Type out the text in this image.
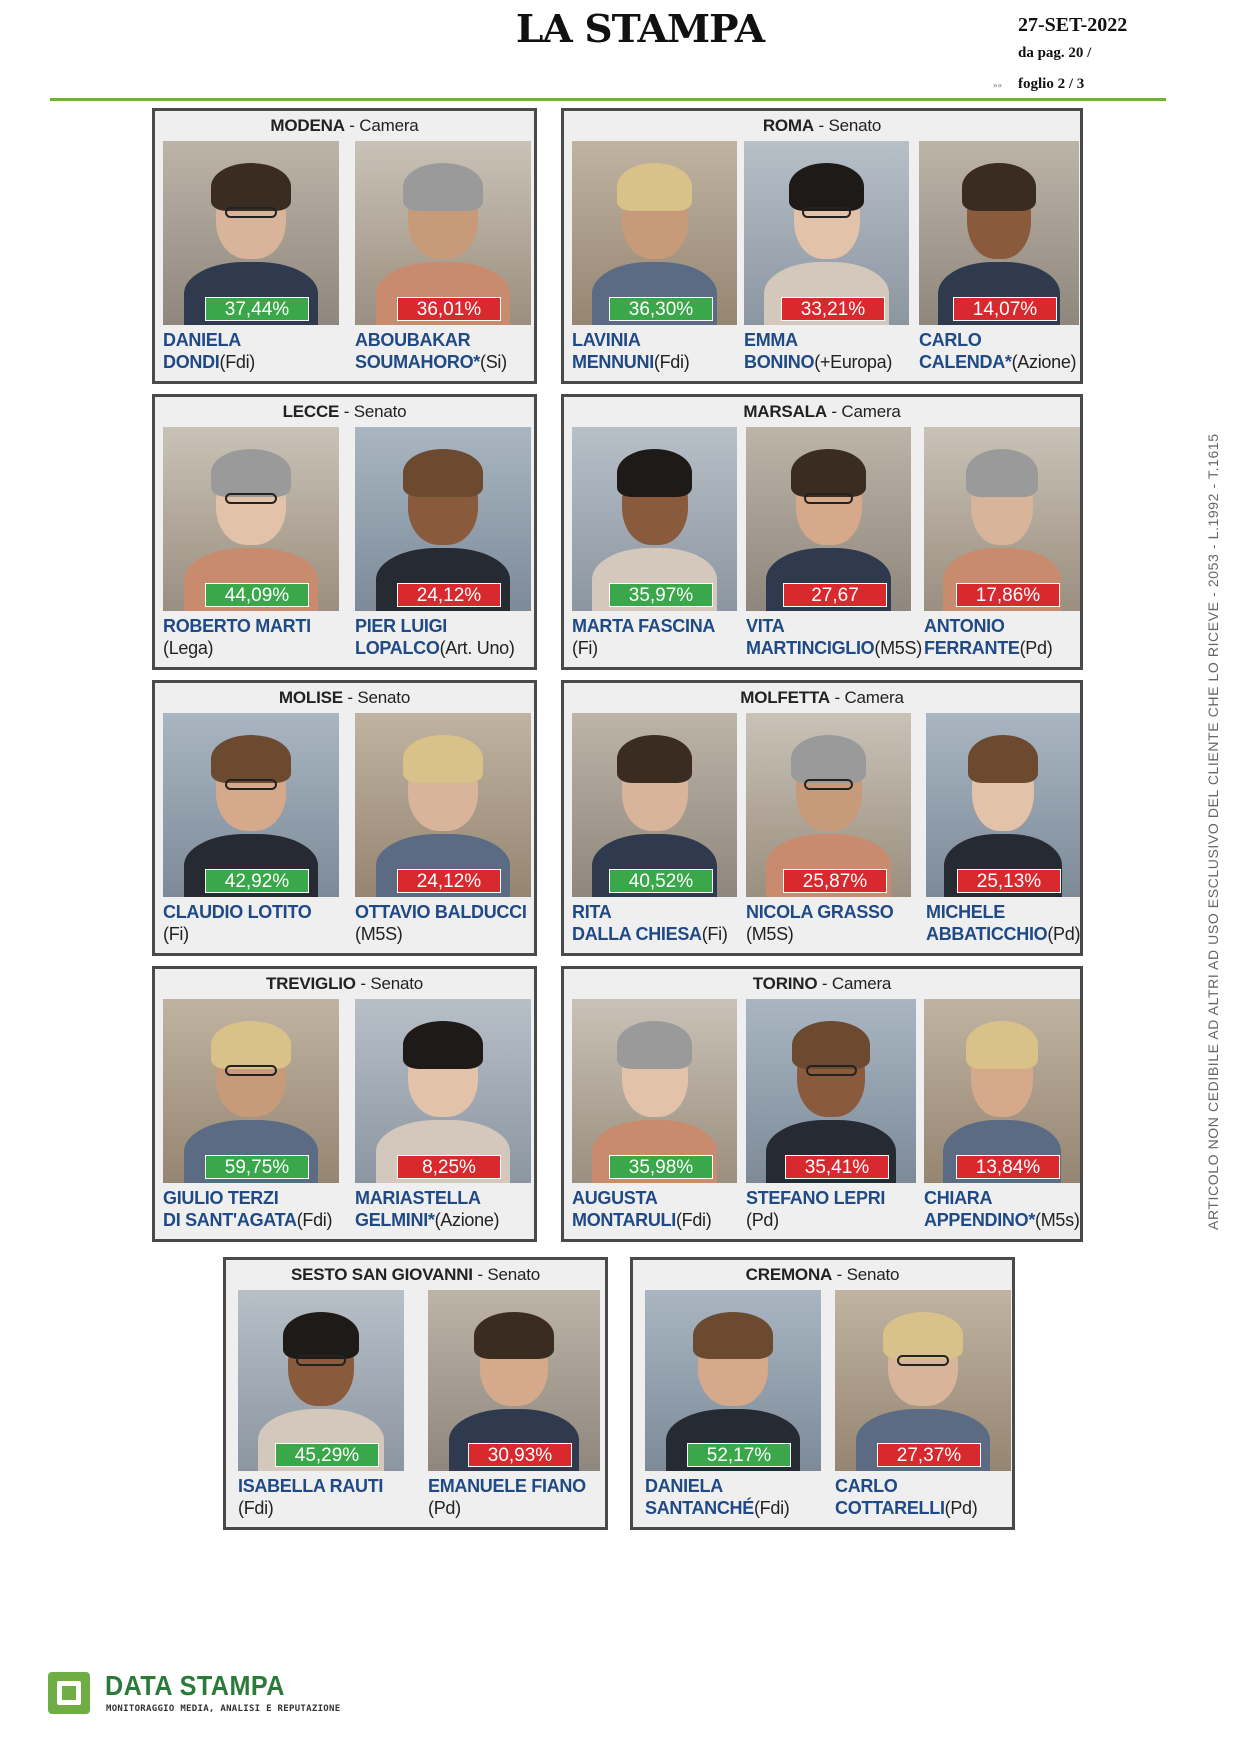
LA STAMPA	27-SET-2022
da pag. 20 /
»» foglio 2 / 3
ARTICOLO NON CEDIBILE AD ALTRI AD USO ESCLUSIVO DEL CLIENTE CHE LO RICEVE - 2053 - L.1992 - T.1615
MODENA - Camera
37,44%
DANIELA
DONDI(Fdi)
36,01%
ABOUBAKAR
SOUMAHORO*(Si)
ROMA - Senato
36,30%
LAVINIA
MENNUNI(Fdi)
33,21%
EMMA
BONINO(+Europa)
14,07%
CARLO
CALENDA*(Azione)
LECCE - Senato
44,09%
ROBERTO MARTI
(Lega)
24,12%
PIER LUIGI
LOPALCO(Art. Uno)
MARSALA - Camera
35,97%
MARTA FASCINA
(Fi)
27,67
VITA
MARTINCIGLIO(M5S)
17,86%
ANTONIO
FERRANTE(Pd)
MOLISE - Senato
42,92%
CLAUDIO LOTITO
(Fi)
24,12%
OTTAVIO BALDUCCI
(M5S)
MOLFETTA - Camera
40,52%
RITA
DALLA CHIESA(Fi)
25,87%
NICOLA GRASSO
(M5S)
25,13%
MICHELE
ABBATICCHIO(Pd)
TREVIGLIO - Senato
59,75%
GIULIO TERZI
DI SANT'AGATA(Fdi)
8,25%
MARIASTELLA
GELMINI*(Azione)
TORINO - Camera
35,98%
AUGUSTA
MONTARULI(Fdi)
35,41%
STEFANO LEPRI
(Pd)
13,84%
CHIARA
APPENDINO*(M5s)
SESTO SAN GIOVANNI - Senato
45,29%
ISABELLA RAUTI
(Fdi)
30,93%
EMANUELE FIANO
(Pd)
CREMONA - Senato
52,17%
DANIELA
SANTANCHÉ(Fdi)
27,37%
CARLO
COTTARELLI(Pd)
DATA STAMPA
MONITORAGGIO MEDIA, ANALISI E REPUTAZIONE
